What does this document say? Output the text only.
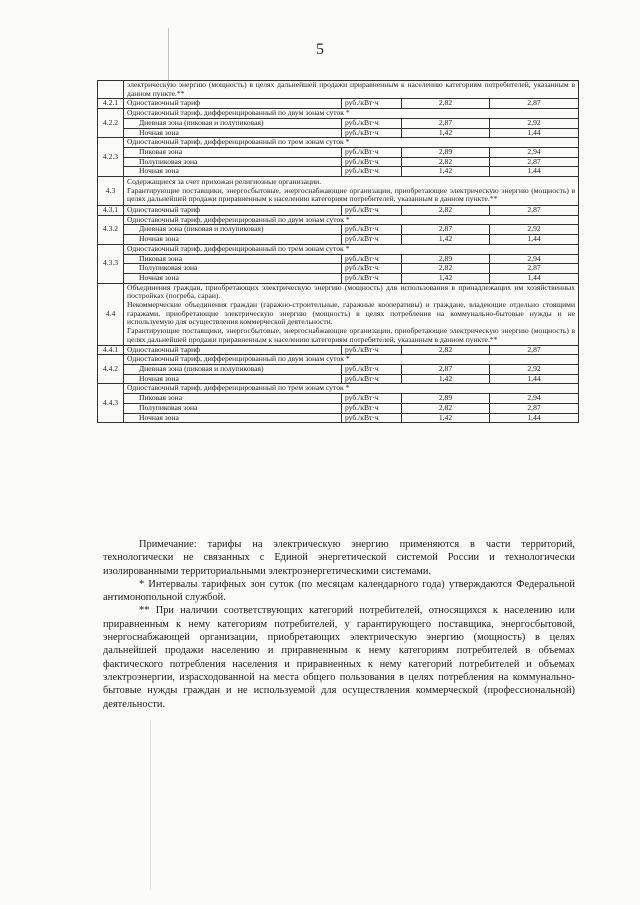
5
	электрическую энергию (мощность) в целях дальнейшей продажи приравненным к населению категориям потребителей, указанным в данном пункте.**			
4.2.1	Одноставочный тариф	руб./кВт·ч	2,82	2,87
4.2.2	Одноставочный тариф, дифференцированный по двум зонам суток *			
	Дневная зона (пиковая и полупиковая)	руб./кВт·ч	2,87	2,92
	Ночная зона	руб./кВт·ч	1,42	1,44
4.2.3	Одноставочный тариф, дифференцированный по трем зонам суток *			
	Пиковая зона	руб./кВт·ч	2,89	2,94
	Полупиковая зона	руб./кВт·ч	2,82	2,87
	Ночная зона	руб./кВт·ч	1,42	1,44
4.3	Содержащиеся за счет прихожан религиозные организации.
Гарантирующие поставщики, энергосбытовые, энергоснабжающие организации, приобретающие электрическую энергию (мощность) в целях дальнейшей продажи приравненным к населению категориям потребителей, указанным в данном пункте.**			

4.3.1	Одноставочный тариф	руб./кВт·ч	2,82	2,87
4.3.2	Одноставочный тариф, дифференцированный по двум зонам суток *			
	Дневная зона (пиковая и полупиковая)	руб./кВт·ч	2,87	2,92
	Ночная зона	руб./кВт·ч	1,42	1,44
4.3.3	Одноставочный тариф, дифференцированный по трем зонам суток *			
	Пиковая зона	руб./кВт·ч	2,89	2,94
	Полупиковая зона	руб./кВт·ч	2,82	2,87
	Ночная зона	руб./кВт·ч	1,42	1,44
4.4	Объединения граждан, приобретающих электрическую энергию (мощность) для использования в принадлежащих им хозяйственных постройках (погреба, сараи).
Некоммерческие объединения граждан (гаражно-строительные, гаражные кооперативы) и граждане, владеющие отдельно стоящими гаражами, приобретающие электрическую энергию (мощность) в целях потребления на коммунально-бытовые нужды и не используемую для осуществления коммерческой деятельности.
Гарантирующие поставщики, энергосбытовые, энергоснабжающие организации, приобретающие электрическую энергию (мощность) в целях дальнейшей продажи приравненным к населению категориям потребителей, указанным в данном пункте.**			

4.4.1	Одноставочный тариф	руб./кВт·ч	2,82	2,87
4.4.2	Одноставочный тариф, дифференцированный по двум зонам суток *			
	Дневная зона (пиковая и полупиковая)	руб./кВт·ч	2,87	2,92
	Ночная зона	руб./кВт·ч	1,42	1,44
4.4.3	Одноставочный тариф, дифференцированный по трем зонам суток *			
	Пиковая зона	руб./кВт·ч	2,89	2,94
	Полупиковая зона	руб./кВт·ч	2,82	2,87
	Ночная зона	руб./кВт·ч	1,42	1,44

Примечание: тарифы на электрическую энергию применяются в части территорий, технологически не связанных с Единой энергетической системой России и технологически изолированными территориальными электроэнергетическими системами.

* Интервалы тарифных зон суток (по месяцам календарного года) утверждаются Федеральной антимонопольной службой.

** При наличии соответствующих категорий потребителей, относящихся к населению или приравненным к нему категориям потребителей, у гарантирующего поставщика, энергосбытовой, энергоснабжающей организации, приобретающих электрическую энергию (мощность) в целях дальнейшей продажи населению и приравненным к нему категориям потребителей в объемах фактического потребления населения и приравненных к нему категорий потребителей и объемах электроэнергии, израсходованной на места общего пользования в целях потребления на коммунально-бытовые нужды граждан и не используемой для осуществления коммерческой (профессиональной) деятельности.
